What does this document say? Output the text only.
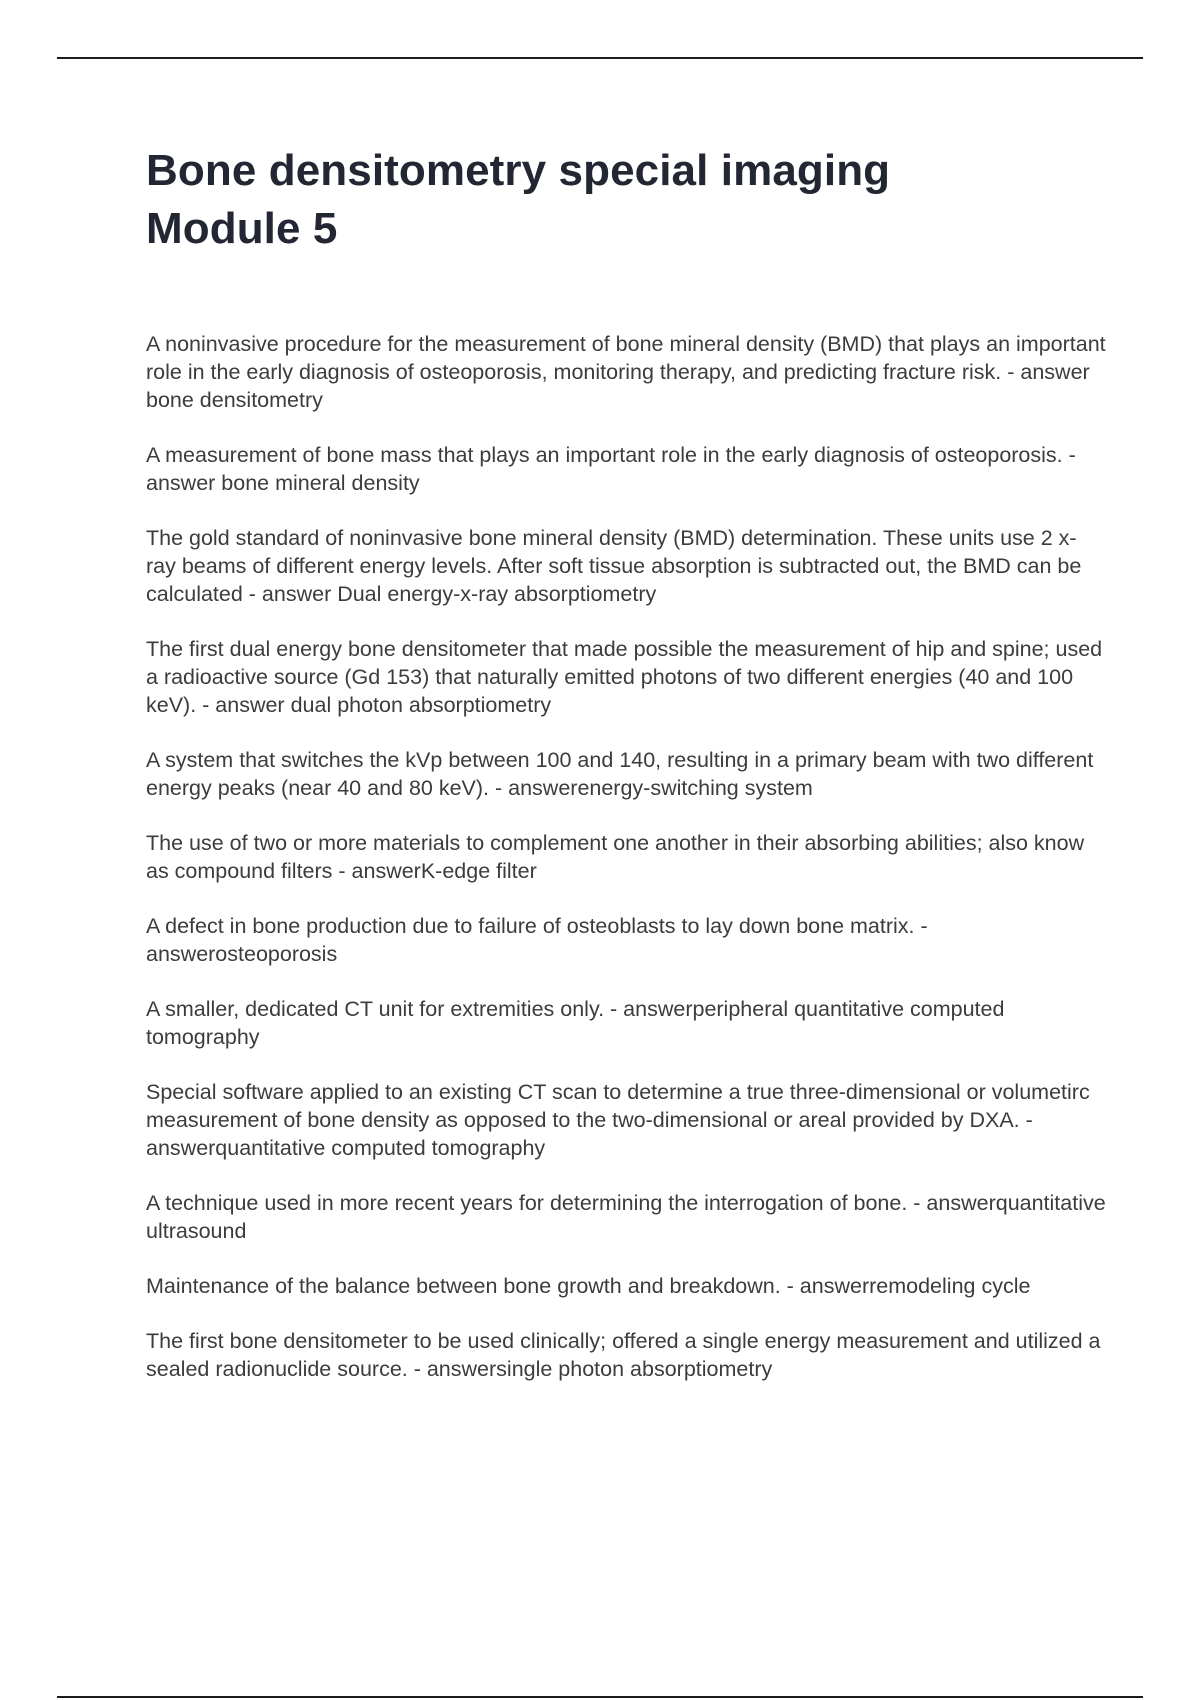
Bone densitometry special imaging
Module 5

A noninvasive procedure for the measurement of bone mineral density (BMD) that plays an important role in the early diagnosis of osteoporosis, monitoring therapy, and predicting fracture risk. - answer bone densitometry

A measurement of bone mass that plays an important role in the early diagnosis of osteoporosis. - answer bone mineral density

The gold standard of noninvasive bone mineral density (BMD) determination. These units use 2 x-ray beams of different energy levels. After soft tissue absorption is subtracted out, the BMD can be calculated - answer Dual energy-x-ray absorptiometry

The first dual energy bone densitometer that made possible the measurement of hip and spine; used a radioactive source (Gd 153) that naturally emitted photons of two different energies (40 and 100 keV). - answer dual photon absorptiometry

A system that switches the kVp between 100 and 140, resulting in a primary beam with two different energy peaks (near 40 and 80 keV). - answerenergy-switching system

The use of two or more materials to complement one another in their absorbing abilities; also know as compound filters - answerK-edge filter

A defect in bone production due to failure of osteoblasts to lay down bone matrix. - answerosteoporosis

A smaller, dedicated CT unit for extremities only. - answerperipheral quantitative computed tomography

Special software applied to an existing CT scan to determine a true three-dimensional or volumetirc measurement of bone density as opposed to the two-dimensional or areal provided by DXA. - answerquantitative computed tomography

A technique used in more recent years for determining the interrogation of bone. - answerquantitative ultrasound

Maintenance of the balance between bone growth and breakdown. - answerremodeling cycle

The first bone densitometer to be used clinically; offered a single energy measurement and utilized a sealed radionuclide source. - answersingle photon absorptiometry
